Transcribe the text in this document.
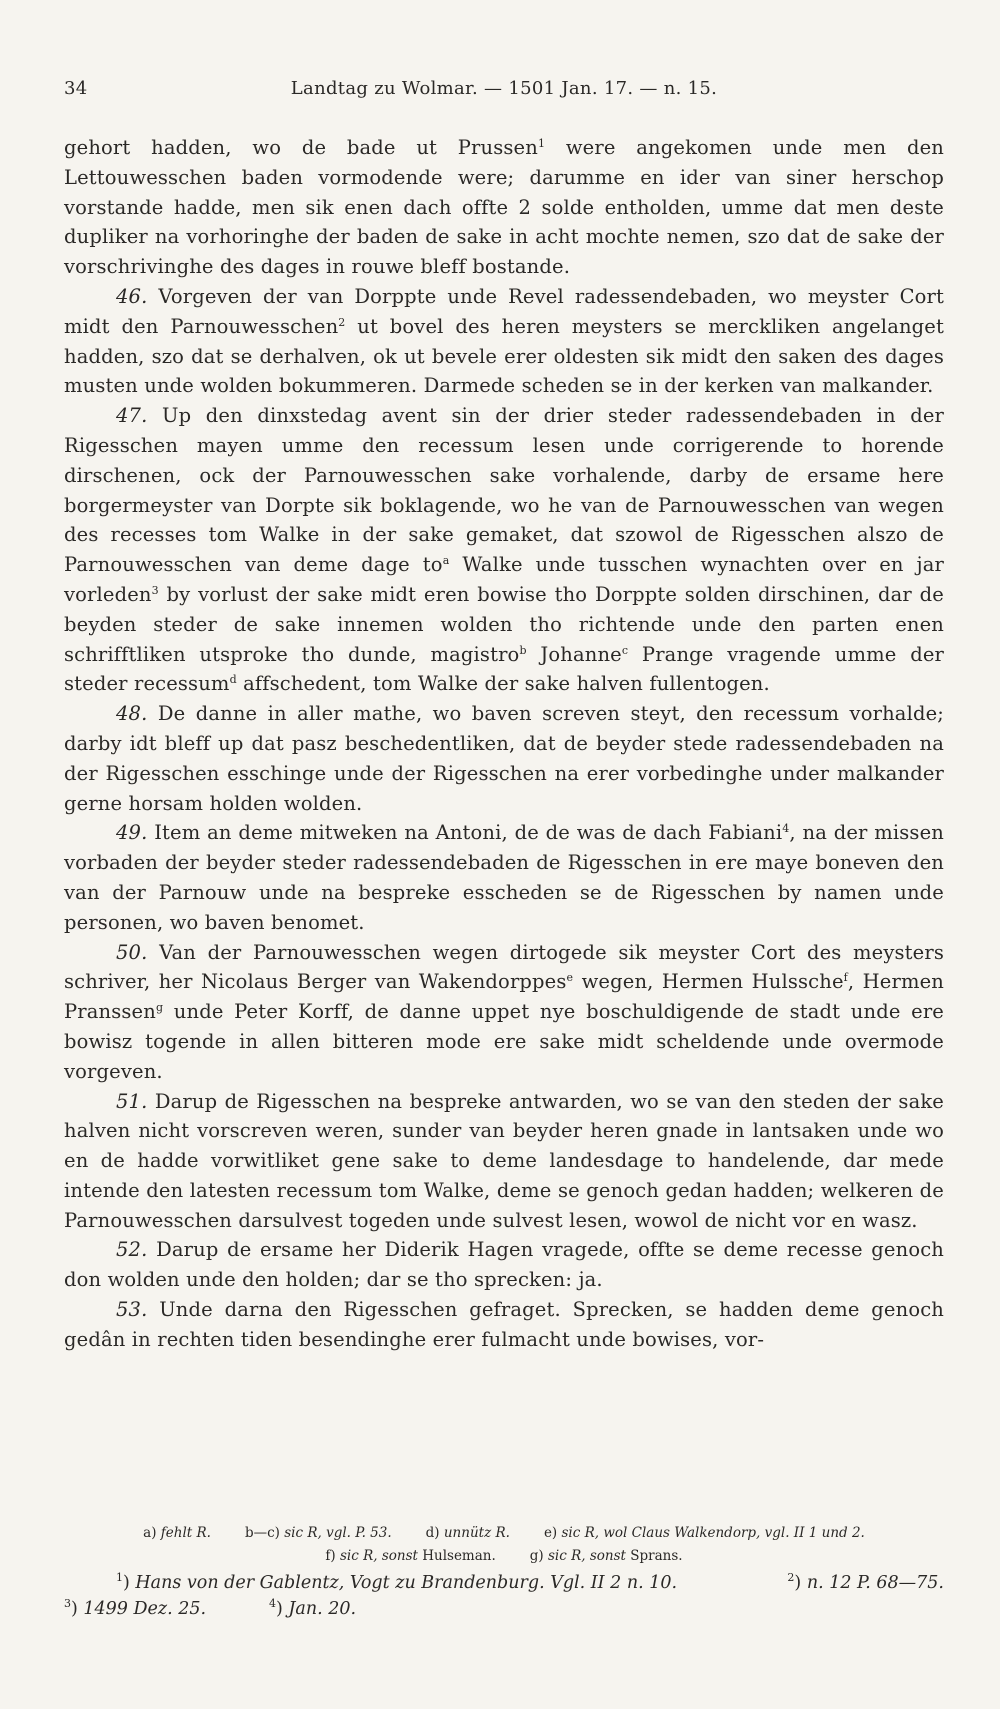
34	Landtag zu Wolmar. — 1501 Jan. 17. — n. 15.

gehort hadden, wo de bade ut Prussen$^1$ were angekomen unde men den Lettouwesschen baden vormodende were; darumme en ider van siner herschop vorstande hadde, men sik enen dach offte 2 solde entholden, umme dat men deste dupliker na vorhoringhe der baden de sake in acht mochte nemen, szo dat de sake der vorschrivinghe des dages in rouwe bleff bostande.

46. Vorgeven der van Dorppte unde Revel radessendebaden, wo meyster Cort midt den Parnouwesschen$^2$ ut bovel des heren meysters se merckliken angelanget hadden, szo dat se derhalven, ok ut bevele erer oldesten sik midt den saken des dages musten unde wolden bokummeren. Darmede scheden se in der kerken van malkander.

47. Up den dinxstedag avent sin der drier steder radessendebaden in der Rigesschen mayen umme den recessum lesen unde corrigerende to horende dirschenen, ock der Parnouwesschen sake vorhalende, darby de ersame here borgermeyster van Dorpte sik boklagende, wo he van de Parnouwesschen van wegen des recesses tom Walke in der sake gemaket, dat szowol de Rigesschen alszo de Parnouwesschen van deme dage $to^a$ Walke unde tusschen wynachten over en jar vorleden$^3$ by vorlust der sake midt eren bowise tho Dorppte solden dirschinen, dar de beyden steder de sake innemen wolden tho richtende unde den parten enen schrifftliken utsproke tho dunde, magistro$^b$ Johanne$^c$ Prange vragende umme der steder recessum$^d$ affschedent, tom Walke der sake halven fullentogen.

48. De danne in aller mathe, wo baven screven steyt, den recessum vorhalde; darby idt bleff up dat pasz beschedentliken, dat de beyder stede radessendebaden na der Rigesschen esschinge unde der Rigesschen na erer vorbedinghe under malkander gerne horsam holden wolden.

49. Item an deme mitweken na Antoni, de de was de dach Fabiani$^4$, na der missen vorbaden der beyder steder radessendebaden de Rigesschen in ere maye boneven den van der Parnouw unde na bespreke esscheden se de Rigesschen by namen unde personen, wo baven benomet.

50. Van der Parnouwesschen wegen dirtogede sik meyster Cort des meysters schriver, her Nicolaus Berger van Wakendorppes$^e$ wegen, Hermen Hulssche$^f$, Hermen Pranssen$^g$ unde Peter Korff, de danne uppet nye boschuldigende de stadt unde ere bowisz togende in allen bitteren mode ere sake midt scheldende unde overmode vorgeven.

51. Darup de Rigesschen na bespreke antwarden, wo se van den steden der sake halven nicht vorscreven weren, sunder van beyder heren gnade in lantsaken unde wo en de hadde vorwitliket gene sake to deme landesdage to handelende, dar mede intende den latesten recessum tom Walke, deme se genoch gedan hadden; welkeren de Parnouwesschen darsulvest togeden unde sulvest lesen, wowol de nicht vor en wasz.

52. Darup de ersame her Diderik Hagen vragede, offte se deme recesse genoch don wolden unde den holden; dar se tho sprecken: ja.

53. Unde darna den Rigesschen gefraget. Sprecken, se hadden deme genoch gedân in rechten tiden besendinghe erer fulmacht unde bowises, vor-

a) fehlt R.	b—c) sic R, vgl. P. 53.	d) unnütz R.	e) sic R, wol Claus Walkendorp, vgl. II 1 und 2.
f) sic R, sonst Hulseman.	g) sic R, sonst Sprans.
$^1$) Hans von der Gablentz, Vogt zu Brandenburg. Vgl. II 2 n. 10.	$^2$) n. 12 P. 68—75.
$^3$) 1499 Dez. 25.	$^4$) Jan. 20.
